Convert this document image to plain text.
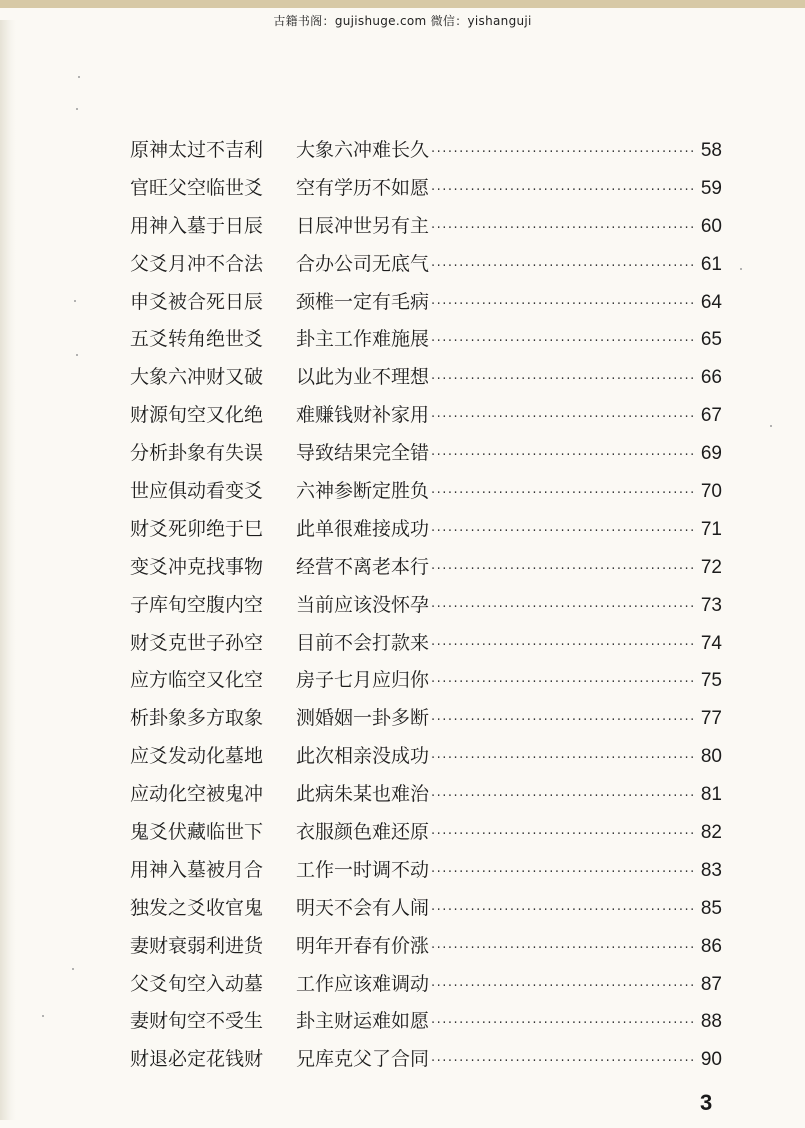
古籍书阁：gujishuge.com 微信：yishanguji
原神太过不吉利	大象六冲难长久 ·····	58
官旺父空临世爻	空有学历不如愿 ·····	59
用神入墓于日辰	日辰冲世另有主 ·····	60
父爻月冲不合法	合办公司无底气 ·····	61
申爻被合死日辰	颈椎一定有毛病 ·····	64
五爻转角绝世爻	卦主工作难施展 ·····	65
大象六冲财又破	以此为业不理想 ·····	66
财源旬空又化绝	难赚钱财补家用 ·····	67
分析卦象有失误	导致结果完全错 ·····	69
世应俱动看变爻	六神参断定胜负 ·····	70
财爻死卯绝于巳	此单很难接成功 ·····	71
变爻冲克找事物	经营不离老本行 ·····	72
子库旬空腹内空	当前应该没怀孕 ·····	73
财爻克世子孙空	目前不会打款来 ·····	74
应方临空又化空	房子七月应归你 ·····	75
析卦象多方取象	测婚姻一卦多断 ·····	77
应爻发动化墓地	此次相亲没成功 ·····	80
应动化空被鬼冲	此病朱某也难治 ·····	81
鬼爻伏藏临世下	衣服颜色难还原 ·····	82
用神入墓被月合	工作一时调不动 ·····	83
独发之爻收官鬼	明天不会有人闹 ·····	85
妻财衰弱利进货	明年开春有价涨 ·····	86
父爻旬空入动墓	工作应该难调动 ·····	87
妻财旬空不受生	卦主财运难如愿 ·····	88
财退必定花钱财	兄库克父了合同 ·····	90
3
